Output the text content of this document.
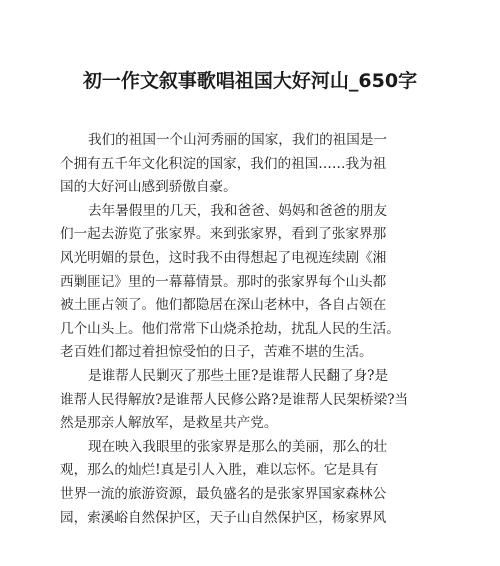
初一作文叙事歌唱祖国大好河山_650字
我们的祖国一个山河秀丽的国家，我们的祖国是一
个拥有五千年文化积淀的国家，我们的祖国……我为祖
国的大好河山感到骄傲自豪。
去年暑假里的几天，我和爸爸、妈妈和爸爸的朋友
们一起去游览了张家界。来到张家界，看到了张家界那
风光明媚的景色，这时我不由得想起了电视连续剧《湘
西剿匪记》里的一幕幕情景。那时的张家界每个山头都
被土匪占领了。他们都隐居在深山老林中，各自占领在
几个山头上。他们常常下山烧杀抢劫，扰乱人民的生活。
老百姓们都过着担惊受怕的日子，苦难不堪的生活。
是谁帮人民剿灭了那些土匪?是谁帮人民翻了身?是
谁帮人民得解放?是谁帮人民修公路?是谁帮人民架桥梁?当
然是那亲人解放军，是救星共产党。
现在映入我眼里的张家界是那么的美丽，那么的壮
观，那么的灿烂!真是引人入胜，难以忘怀。它是具有
世界一流的旅游资源，最负盛名的是张家界国家森林公
园，索溪峪自然保护区，天子山自然保护区，杨家界风
